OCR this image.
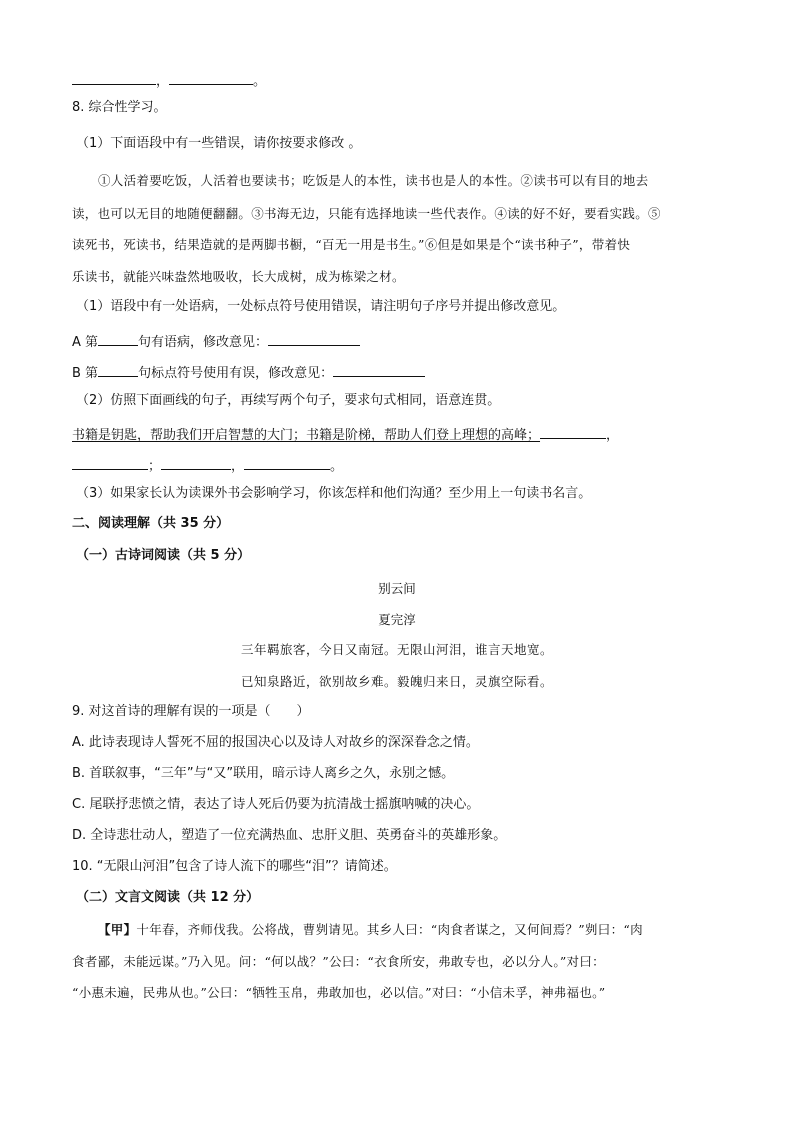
，	。
8. 综合性学习。
（1）下面语段中有一些错误，请你按要求修改 。
①人活着要吃饭，人活着也要读书；吃饭是人的本性，读书也是人的本性。②读书可以有目的地去
读，也可以无目的地随便翻翻。③书海无边，只能有选择地读一些代表作。④读的好不好，要看实践。⑤
读死书，死读书，结果造就的是两脚书橱，“百无一用是书生。”⑥但是如果是个“读书种子”，带着快
乐读书，就能兴味盎然地吸收，长大成树，成为栋梁之材。
（1）语段中有一处语病，一处标点符号使用错误，请注明句子序号并提出修改意见。
A 第	句有语病，修改意见：
B 第	句标点符号使用有误，修改意见：
（2）仿照下面画线的句子，再续写两个句子，要求句式相同，语意连贯。
书籍是钥匙，帮助我们开启智慧的大门；书籍是阶梯，帮助人们登上理想的高峰；	，
；	，	。
（3）如果家长认为读课外书会影响学习，你该怎样和他们沟通？至少用上一句读书名言。
二、阅读理解（共 35 分）
（一）古诗词阅读（共 5 分）
别云间
夏完淳
三年羁旅客，今日又南冠。无限山河泪，谁言天地宽。
已知泉路近，欲别故乡难。毅魄归来日，灵旗空际看。
9. 对这首诗的理解有误的一项是（　　）
A. 此诗表现诗人誓死不屈的报国决心以及诗人对故乡的深深眷念之情。
B. 首联叙事，“三年”与“又”联用，暗示诗人离乡之久，永别之憾。
C. 尾联抒悲愤之情，表达了诗人死后仍要为抗清战士摇旗呐喊的决心。
D. 全诗悲壮动人，塑造了一位充满热血、忠肝义胆、英勇奋斗的英雄形象。
10. “无限山河泪”包含了诗人流下的哪些“泪”？请简述。
（二）文言文阅读（共 12 分）
【甲】十年春，齐师伐我。公将战，曹刿请见。其乡人曰：“肉食者谋之，又何间焉？”刿曰：“肉
食者鄙，未能远谋。”乃入见。问：“何以战？”公曰：“衣食所安，弗敢专也，必以分人。”对曰：
“小惠未遍，民弗从也。”公曰：“牺牲玉帛，弗敢加也，必以信。”对曰：“小信未孚，神弗福也。”
